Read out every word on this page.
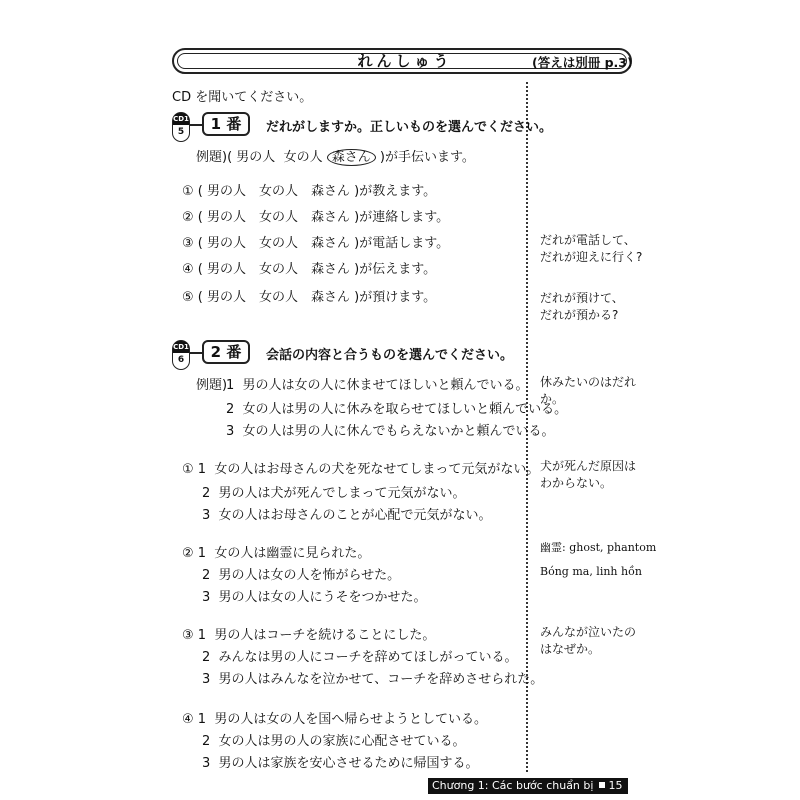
れんしゅう	(答えは別冊 p.3)
CD を聞いてください。
CD1
5	1 番	だれがしますか。正しいものを選んでください。
例題)( 男の人 女の人 森さん )が手伝います。
① ( 男の人　女の人　森さん )が教えます。
② ( 男の人　女の人　森さん )が連絡します。
③ ( 男の人　女の人　森さん )が電話します。
④ ( 男の人　女の人　森さん )が伝えます。
⑤ ( 男の人　女の人　森さん )が預けます。
CD1
6	2 番	会話の内容と合うものを選んでください。
例題)
1 男の人は女の人に休ませてほしいと頼んでいる。
2 女の人は男の人に休みを取らせてほしいと頼んでいる。
3 女の人は男の人に休んでもらえないかと頼んでいる。
① 1 女の人はお母さんの犬を死なせてしまって元気がない。
2 男の人は犬が死んでしまって元気がない。
3 女の人はお母さんのことが心配で元気がない。
② 1 女の人は幽霊に見られた。
2 男の人は女の人を怖がらせた。
3 男の人は女の人にうそをつかせた。
③ 1 男の人はコーチを続けることにした。
2 みんなは男の人にコーチを辞めてほしがっている。
3 男の人はみんなを泣かせて、コーチを辞めさせられた。
④ 1 男の人は女の人を国へ帰らせようとしている。
2 女の人は男の人の家族に心配させている。
3 男の人は家族を安心させるために帰国する。
だれが電話して、
だれが迎えに行く?
だれが預けて、
だれが預かる?
休みたいのはだれ
か。
犬が死んだ原因は
わからない。
幽霊: ghost, phantom
Bóng ma, linh hồn
みんなが泣いたの
はなぜか。
Chương 1: Các bước chuẩn bị 15
